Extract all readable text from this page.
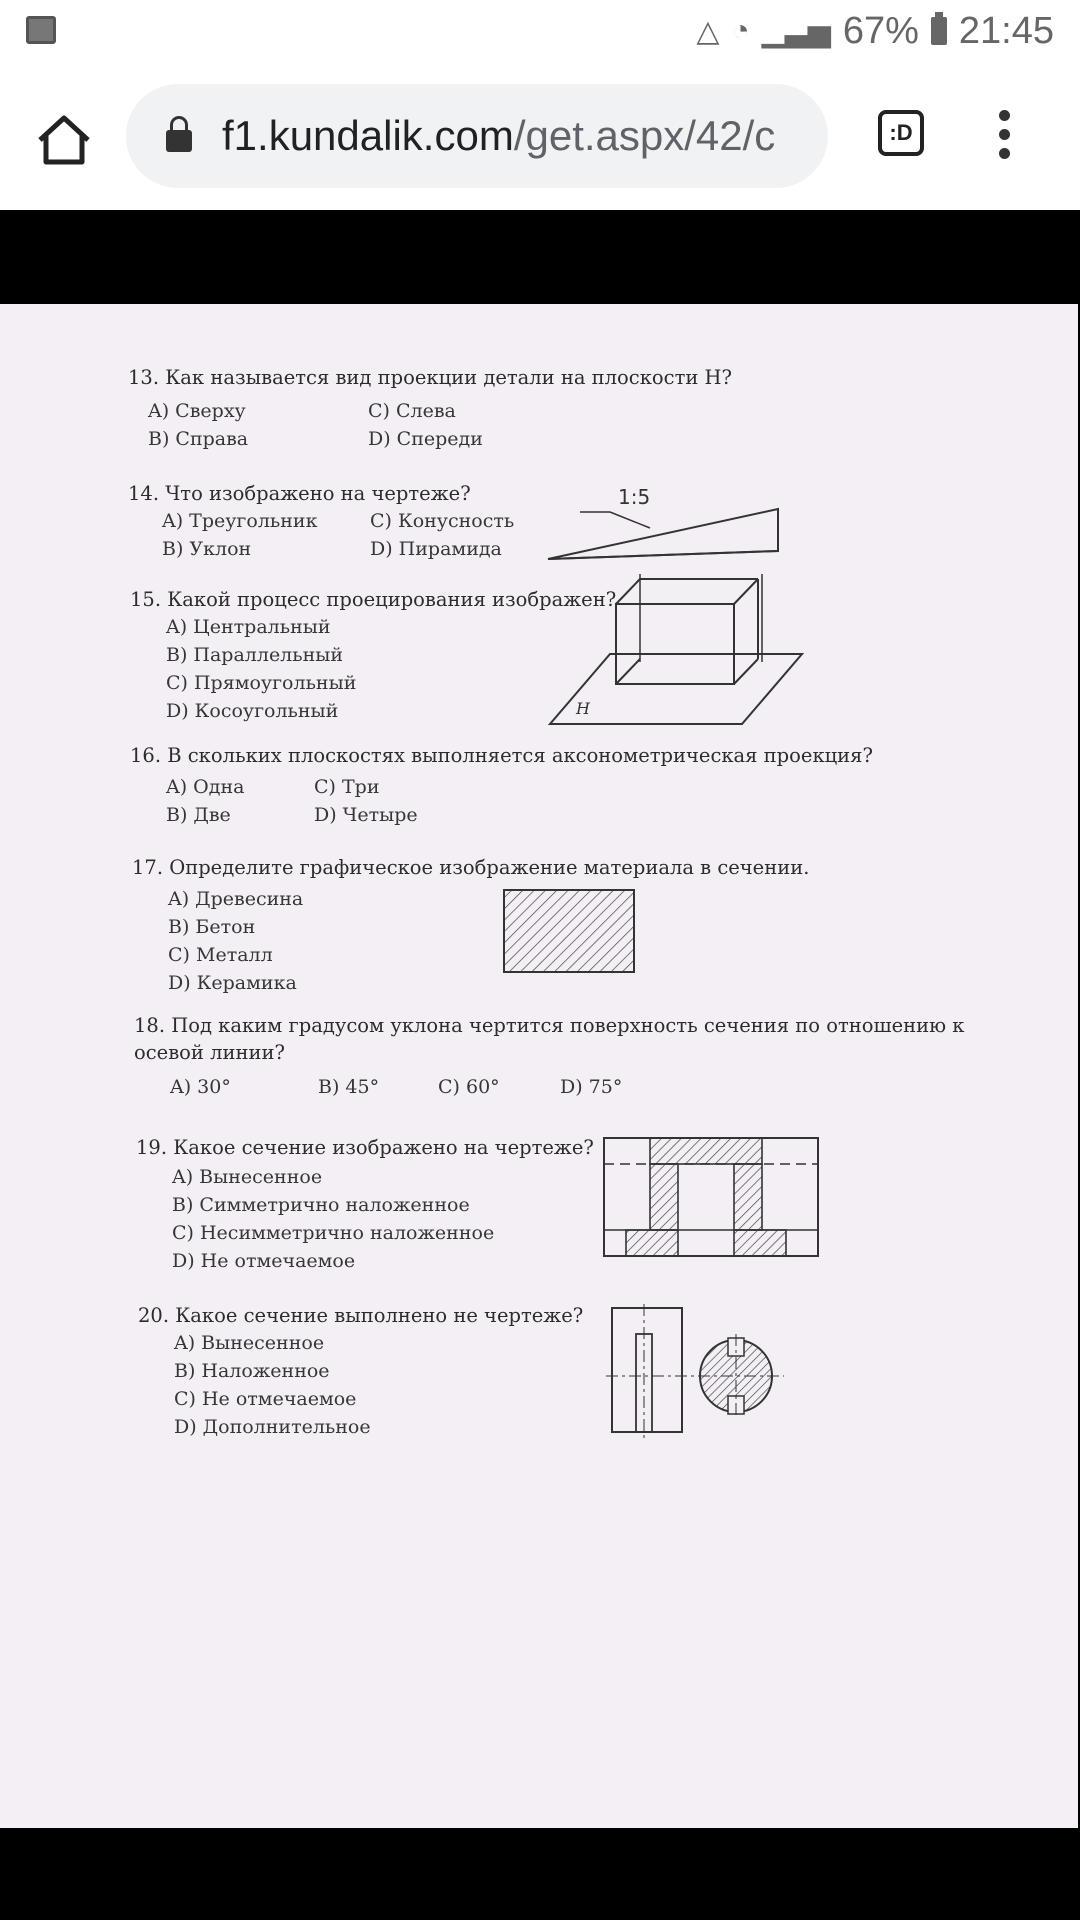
△ ◔ ▁▃▅ 67% 21:45
f1.kundalik.com/get.aspx/42/c	:D
13. Как называется вид проекции детали на плоскости H?
A) Сверху	C) Слева
B) Справа	D) Спереди
14. Что изображено на чертеже?
A) Треугольник	C) Конусность
B) Уклон	D) Пирамида
1:5
15. Какой процесс проецирования изображен?
A) Центральный
B) Параллельный
C) Прямоугольный
D) Косоугольный	H
16. В скольких плоскостях выполняется аксонометрическая проекция?
A) Одна	C) Три
B) Две	D) Четыре
17. Определите графическое изображение материала в сечении.
A) Древесина
B) Бетон
C) Металл
D) Керамика
18. Под каким градусом уклона чертится поверхность сечения по отношению к
осевой линии?
A) 30°	B) 45°	C) 60°	D) 75°
19. Какое сечение изображено на чертеже?
A) Вынесенное
B) Симметрично наложенное
C) Несимметрично наложенное
D) Не отмечаемое
20. Какое сечение выполнено не чертеже?
A) Вынесенное
B) Наложенное
C) Не отмечаемое
D) Дополнительное
